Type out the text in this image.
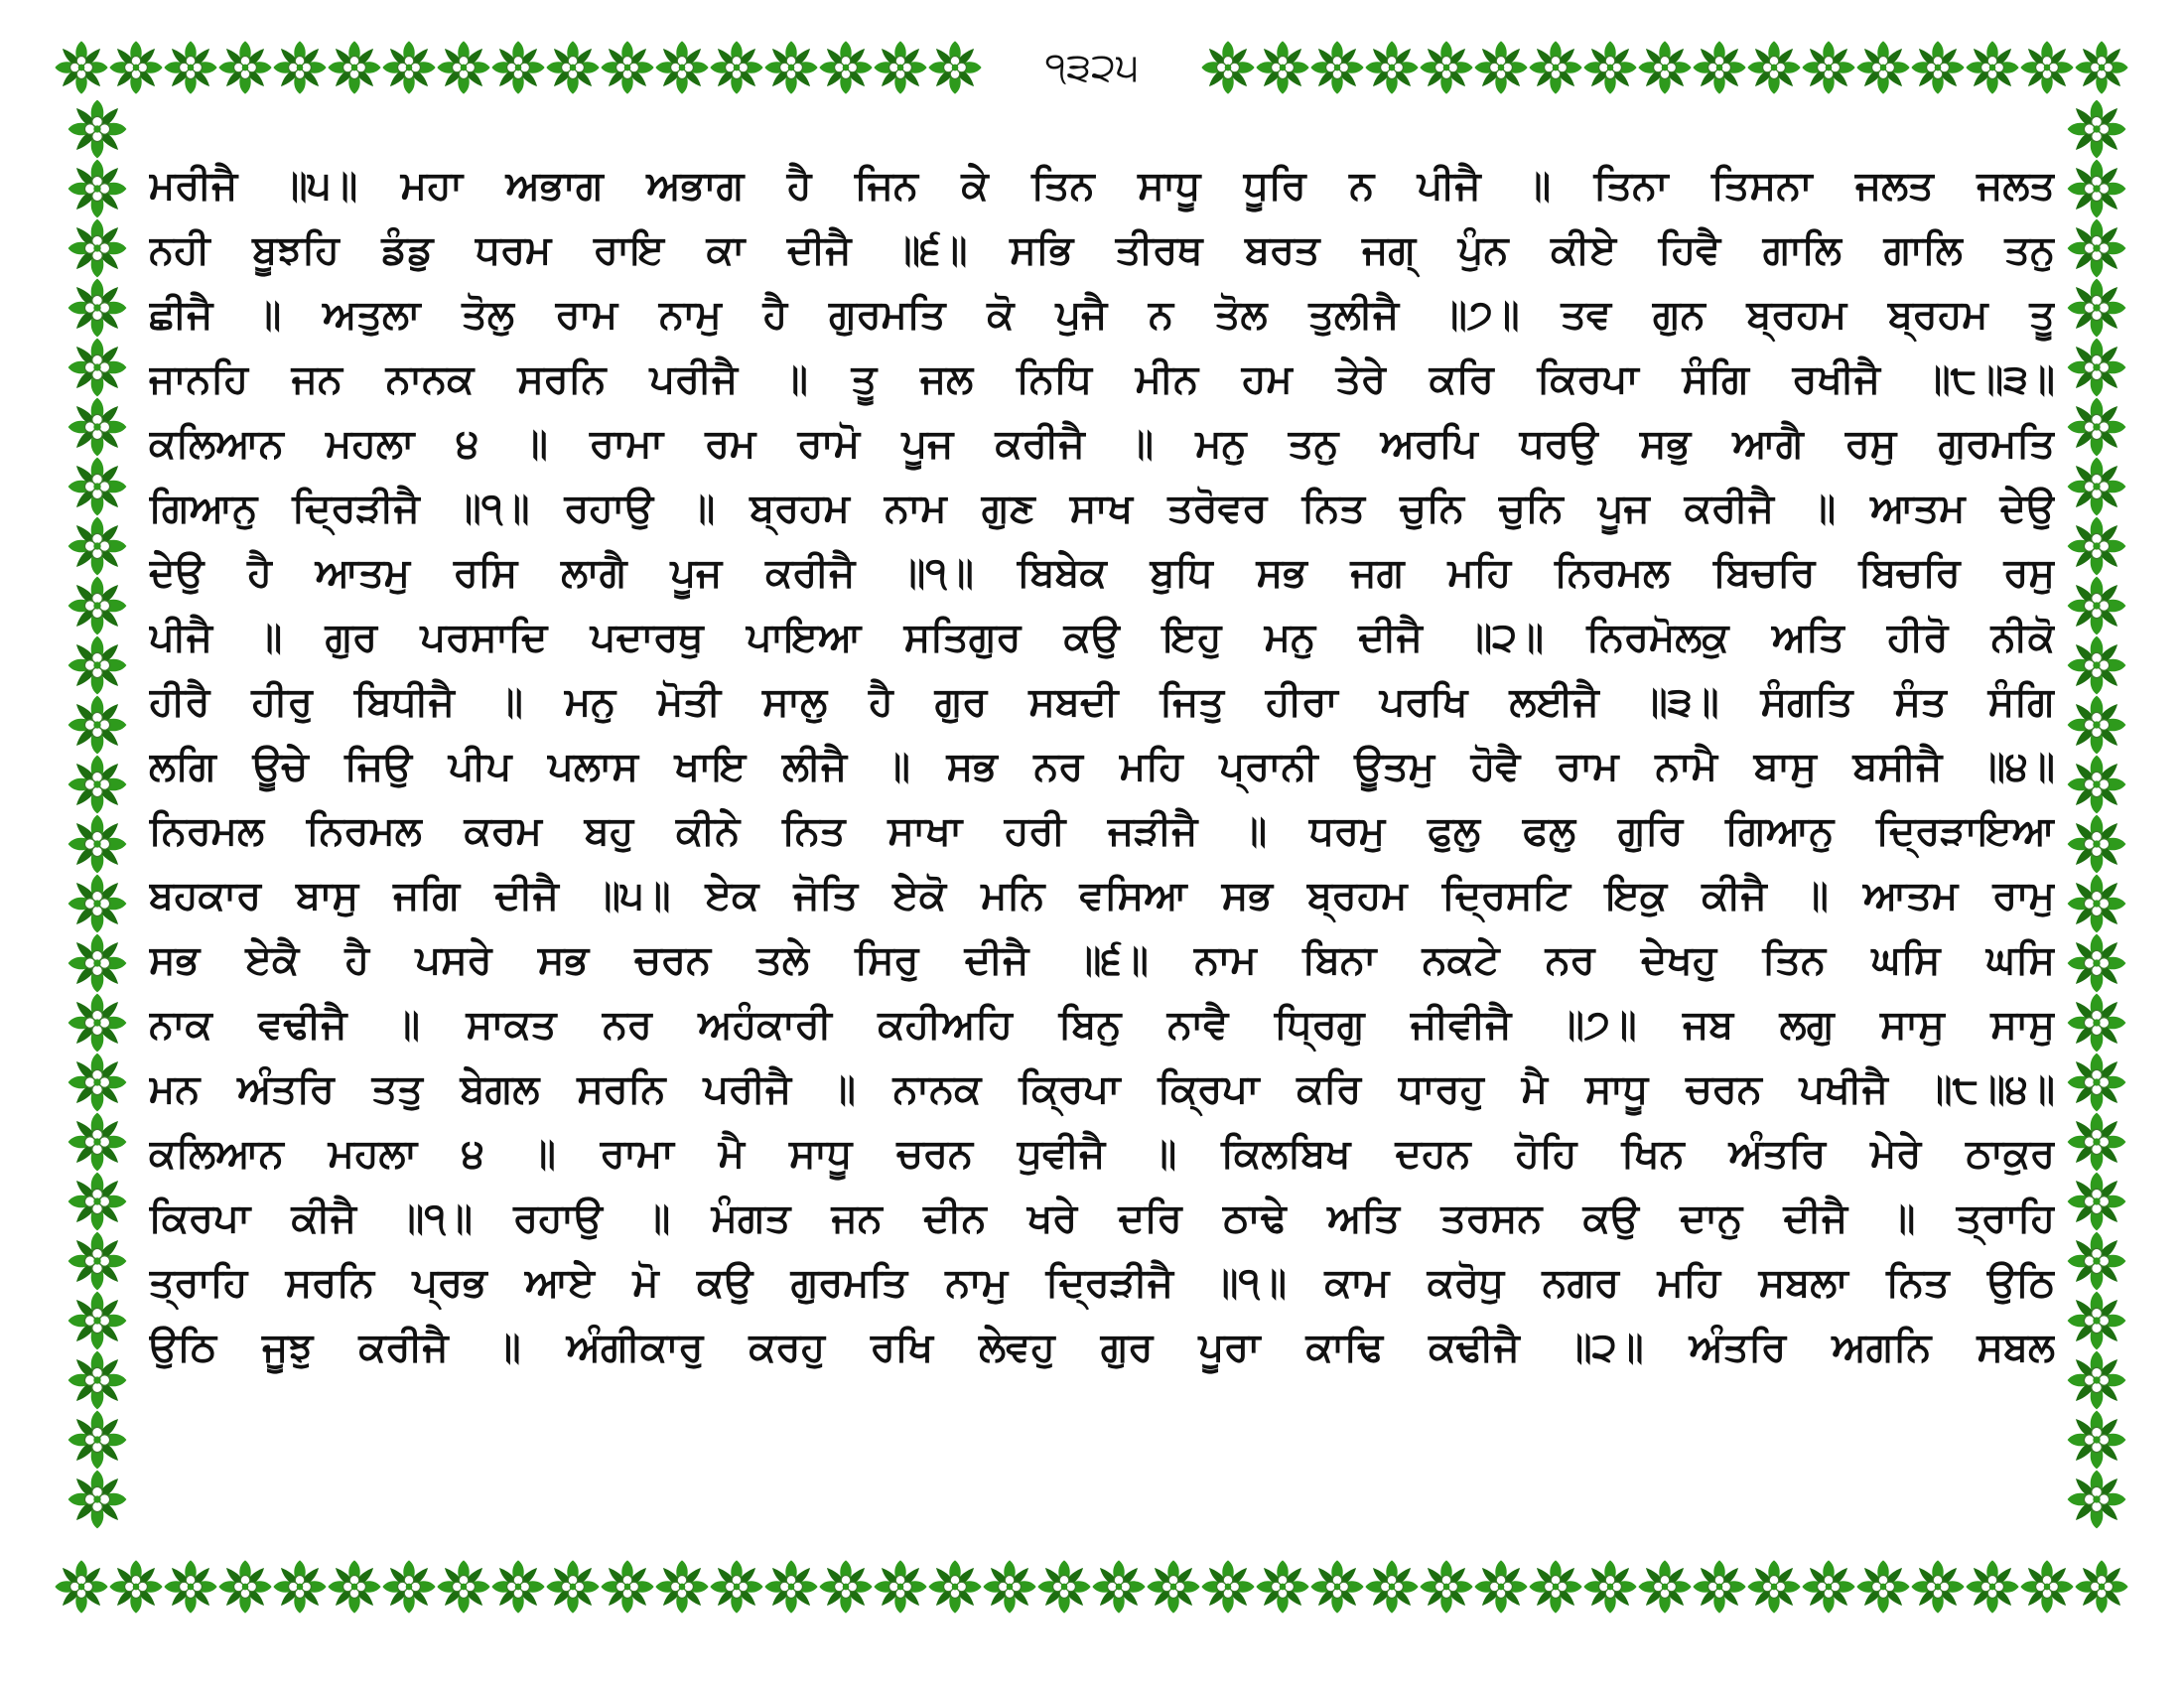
੧੩੨੫
ਮਰੀਜੈ ॥੫॥ ਮਹਾ ਅਭਾਗ ਅਭਾਗ ਹੈ ਜਿਨ ਕੇ ਤਿਨ ਸਾਧੂ ਧੂਰਿ ਨ ਪੀਜੈ ॥ ਤਿਨਾ ਤਿਸਨਾ ਜਲਤ ਜਲਤ
ਨਹੀ ਬੂਝਹਿ ਡੰਡੁ ਧਰਮ ਰਾਇ ਕਾ ਦੀਜੈ ॥੬॥ ਸਭਿ ਤੀਰਥ ਬਰਤ ਜਗ੍ ਪੁੰਨ ਕੀਏ ਹਿਵੈ ਗਾਲਿ ਗਾਲਿ ਤਨੁ
ਛੀਜੈ ॥ ਅਤੁਲਾ ਤੋਲੁ ਰਾਮ ਨਾਮੁ ਹੈ ਗੁਰਮਤਿ ਕੋ ਪੁਜੈ ਨ ਤੋਲ ਤੁਲੀਜੈ ॥੭॥ ਤਵ ਗੁਨ ਬ੍ਰਹਮ ਬ੍ਰਹਮ ਤੂ
ਜਾਨਹਿ ਜਨ ਨਾਨਕ ਸਰਨਿ ਪਰੀਜੈ ॥ ਤੂ ਜਲ ਨਿਧਿ ਮੀਨ ਹਮ ਤੇਰੇ ਕਰਿ ਕਿਰਪਾ ਸੰਗਿ ਰਖੀਜੈ ॥੮॥੩॥
ਕਲਿਆਨ ਮਹਲਾ ੪ ॥ ਰਾਮਾ ਰਮ ਰਾਮੋ ਪੂਜ ਕਰੀਜੈ ॥ ਮਨੁ ਤਨੁ ਅਰਪਿ ਧਰਉ ਸਭੁ ਆਗੈ ਰਸੁ ਗੁਰਮਤਿ
ਗਿਆਨੁ ਦ੍ਰਿੜੀਜੈ ॥੧॥ ਰਹਾਉ ॥ ਬ੍ਰਹਮ ਨਾਮ ਗੁਣ ਸਾਖ ਤਰੋਵਰ ਨਿਤ ਚੁਨਿ ਚੁਨਿ ਪੂਜ ਕਰੀਜੈ ॥ ਆਤਮ ਦੇਉ
ਦੇਉ ਹੈ ਆਤਮੁ ਰਸਿ ਲਾਗੈ ਪੂਜ ਕਰੀਜੈ ॥੧॥ ਬਿਬੇਕ ਬੁਧਿ ਸਭ ਜਗ ਮਹਿ ਨਿਰਮਲ ਬਿਚਰਿ ਬਿਚਰਿ ਰਸੁ
ਪੀਜੈ ॥ ਗੁਰ ਪਰਸਾਦਿ ਪਦਾਰਥੁ ਪਾਇਆ ਸਤਿਗੁਰ ਕਉ ਇਹੁ ਮਨੁ ਦੀਜੈ ॥੨॥ ਨਿਰਮੋਲਕੁ ਅਤਿ ਹੀਰੋ ਨੀਕੋ
ਹੀਰੈ ਹੀਰੁ ਬਿਧੀਜੈ ॥ ਮਨੁ ਮੋਤੀ ਸਾਲੁ ਹੈ ਗੁਰ ਸਬਦੀ ਜਿਤੁ ਹੀਰਾ ਪਰਖਿ ਲਈਜੈ ॥੩॥ ਸੰਗਤਿ ਸੰਤ ਸੰਗਿ
ਲਗਿ ਊਚੇ ਜਿਉ ਪੀਪ ਪਲਾਸ ਖਾਇ ਲੀਜੈ ॥ ਸਭ ਨਰ ਮਹਿ ਪ੍ਰਾਨੀ ਊਤਮੁ ਹੋਵੈ ਰਾਮ ਨਾਮੈ ਬਾਸੁ ਬਸੀਜੈ ॥੪॥
ਨਿਰਮਲ ਨਿਰਮਲ ਕਰਮ ਬਹੁ ਕੀਨੇ ਨਿਤ ਸਾਖਾ ਹਰੀ ਜੜੀਜੈ ॥ ਧਰਮੁ ਫੁਲੁ ਫਲੁ ਗੁਰਿ ਗਿਆਨੁ ਦ੍ਰਿੜਾਇਆ
ਬਹਕਾਰ ਬਾਸੁ ਜਗਿ ਦੀਜੈ ॥੫॥ ਏਕ ਜੋਤਿ ਏਕੋ ਮਨਿ ਵਸਿਆ ਸਭ ਬ੍ਰਹਮ ਦ੍ਰਿਸਟਿ ਇਕੁ ਕੀਜੈ ॥ ਆਤਮ ਰਾਮੁ
ਸਭ ਏਕੈ ਹੈ ਪਸਰੇ ਸਭ ਚਰਨ ਤਲੇ ਸਿਰੁ ਦੀਜੈ ॥੬॥ ਨਾਮ ਬਿਨਾ ਨਕਟੇ ਨਰ ਦੇਖਹੁ ਤਿਨ ਘਸਿ ਘਸਿ
ਨਾਕ ਵਢੀਜੈ ॥ ਸਾਕਤ ਨਰ ਅਹੰਕਾਰੀ ਕਹੀਅਹਿ ਬਿਨੁ ਨਾਵੈ ਧ੍ਰਿਗੁ ਜੀਵੀਜੈ ॥੭॥ ਜਬ ਲਗੁ ਸਾਸੁ ਸਾਸੁ
ਮਨ ਅੰਤਰਿ ਤਤੁ ਬੇਗਲ ਸਰਨਿ ਪਰੀਜੈ ॥ ਨਾਨਕ ਕ੍ਰਿਪਾ ਕ੍ਰਿਪਾ ਕਰਿ ਧਾਰਹੁ ਮੈ ਸਾਧੂ ਚਰਨ ਪਖੀਜੈ ॥੮॥੪॥
ਕਲਿਆਨ ਮਹਲਾ ੪ ॥ ਰਾਮਾ ਮੈ ਸਾਧੂ ਚਰਨ ਧੁਵੀਜੈ ॥ ਕਿਲਬਿਖ ਦਹਨ ਹੋਹਿ ਖਿਨ ਅੰਤਰਿ ਮੇਰੇ ਠਾਕੁਰ
ਕਿਰਪਾ ਕੀਜੈ ॥੧॥ ਰਹਾਉ ॥ ਮੰਗਤ ਜਨ ਦੀਨ ਖਰੇ ਦਰਿ ਠਾਢੇ ਅਤਿ ਤਰਸਨ ਕਉ ਦਾਨੁ ਦੀਜੈ ॥ ਤ੍ਰਾਹਿ
ਤ੍ਰਾਹਿ ਸਰਨਿ ਪ੍ਰਭ ਆਏ ਮੋ ਕਉ ਗੁਰਮਤਿ ਨਾਮੁ ਦ੍ਰਿੜੀਜੈ ॥੧॥ ਕਾਮ ਕਰੋਧੁ ਨਗਰ ਮਹਿ ਸਬਲਾ ਨਿਤ ਉਠਿ
ਉਠਿ ਜੂਝੁ ਕਰੀਜੈ ॥ ਅੰਗੀਕਾਰੁ ਕਰਹੁ ਰਖਿ ਲੇਵਹੁ ਗੁਰ ਪੂਰਾ ਕਾਢਿ ਕਢੀਜੈ ॥੨॥ ਅੰਤਰਿ ਅਗਨਿ ਸਬਲ
